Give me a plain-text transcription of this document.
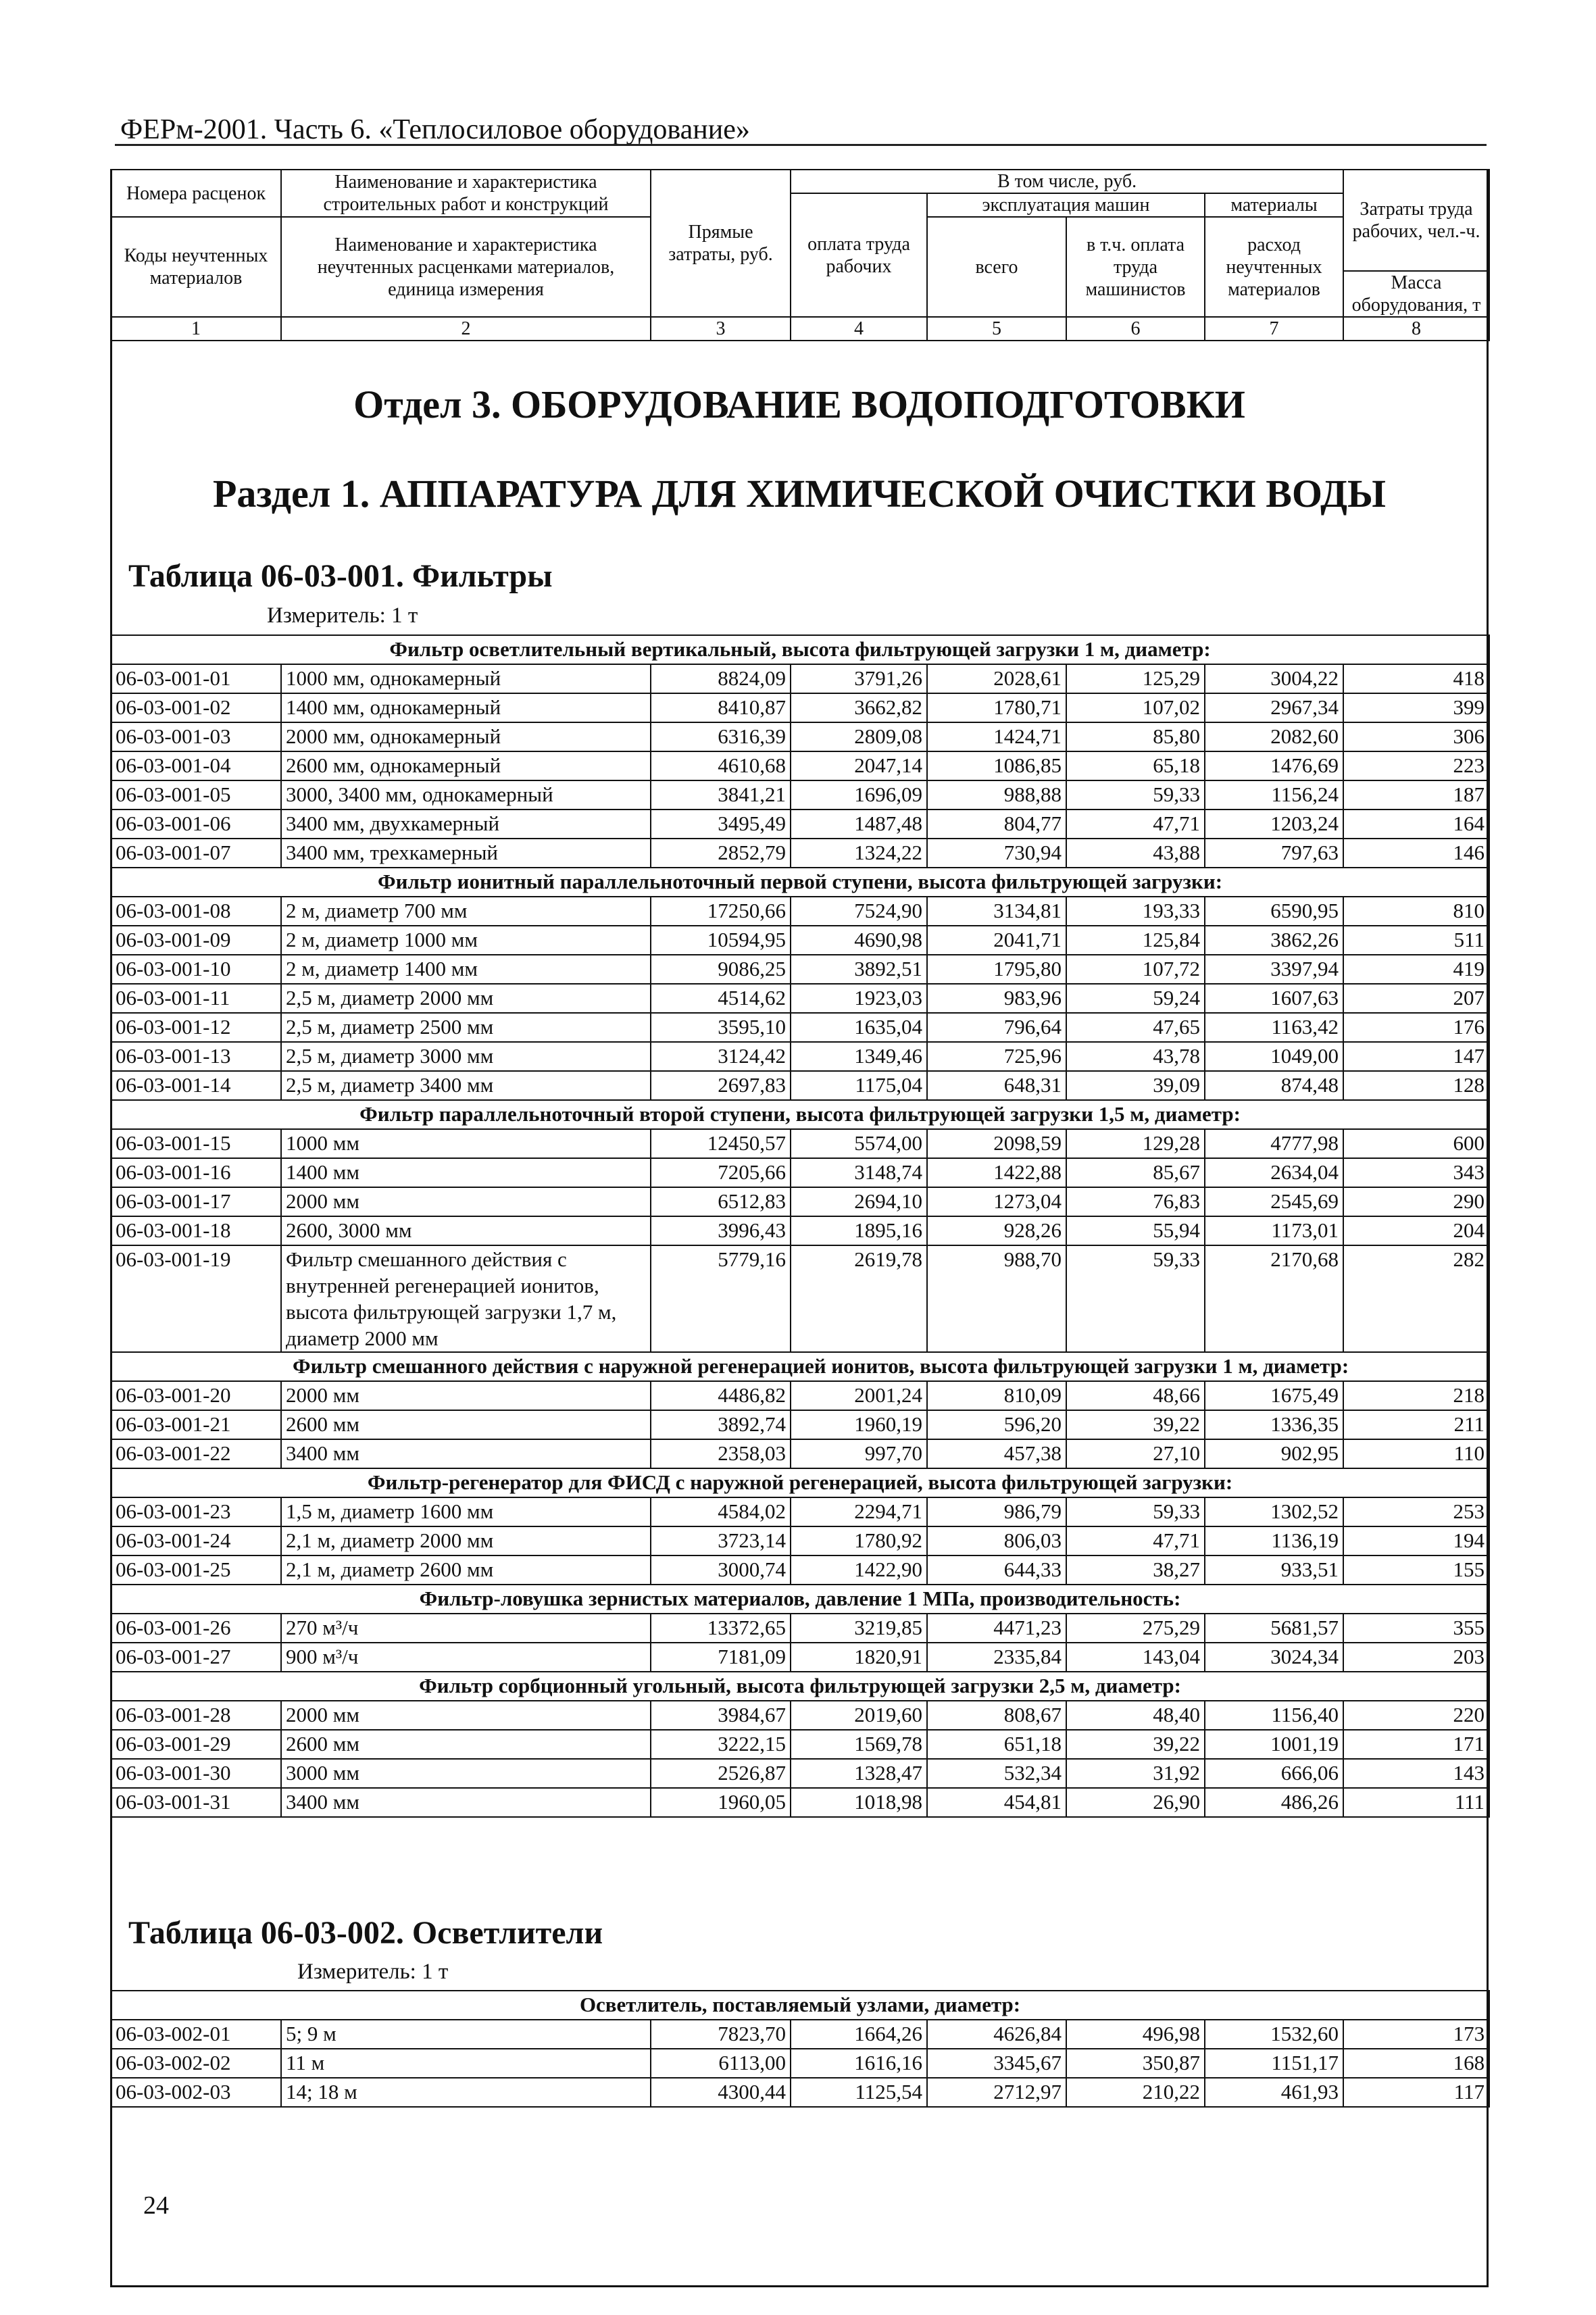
ФЕРм-2001. Часть 6. «Теплосиловое оборудование»
Номера расценок	Наименование и характеристика строительных работ и конструкций	Прямые затраты, руб.	В том числе, руб.				Затраты труда рабочих, чел.-ч.
			оплата труда рабочих	эксплуатация машин		материалы	
Коды неучтенных материалов	Наименование и характеристика неучтенных расценками материалов, единица измерения			всего	в т.ч. оплата труда машинистов	расход неучтенных материалов	

							Масса оборудования, т
1	2	3	4	5	6	7	8
Отдел 3. ОБОРУДОВАНИЕ ВОДОПОДГОТОВКИ
Раздел 1. АППАРАТУРА ДЛЯ ХИМИЧЕСКОЙ ОЧИСТКИ ВОДЫ
Таблица 06-03-001. Фильтры
Измеритель: 1 т
Фильтр осветлительный вертикальный, высота фильтрующей загрузки 1 м, диаметр:							
06-03-001-01	1000 мм, однокамерный	8824,09	3791,26	2028,61	125,29	3004,22	418
06-03-001-02	1400 мм, однокамерный	8410,87	3662,82	1780,71	107,02	2967,34	399
06-03-001-03	2000 мм, однокамерный	6316,39	2809,08	1424,71	85,80	2082,60	306
06-03-001-04	2600 мм, однокамерный	4610,68	2047,14	1086,85	65,18	1476,69	223
06-03-001-05	3000, 3400 мм, однокамерный	3841,21	1696,09	988,88	59,33	1156,24	187
06-03-001-06	3400 мм, двухкамерный	3495,49	1487,48	804,77	47,71	1203,24	164
06-03-001-07	3400 мм, трехкамерный	2852,79	1324,22	730,94	43,88	797,63	146
Фильтр ионитный параллельноточный первой ступени, высота фильтрующей загрузки:							
06-03-001-08	2 м, диаметр 700 мм	17250,66	7524,90	3134,81	193,33	6590,95	810
06-03-001-09	2 м, диаметр 1000 мм	10594,95	4690,98	2041,71	125,84	3862,26	511
06-03-001-10	2 м, диаметр 1400 мм	9086,25	3892,51	1795,80	107,72	3397,94	419
06-03-001-11	2,5 м, диаметр 2000 мм	4514,62	1923,03	983,96	59,24	1607,63	207
06-03-001-12	2,5 м, диаметр 2500 мм	3595,10	1635,04	796,64	47,65	1163,42	176
06-03-001-13	2,5 м, диаметр 3000 мм	3124,42	1349,46	725,96	43,78	1049,00	147
06-03-001-14	2,5 м, диаметр 3400 мм	2697,83	1175,04	648,31	39,09	874,48	128
Фильтр параллельноточный второй ступени, высота фильтрующей загрузки 1,5 м, диаметр:							
06-03-001-15	1000 мм	12450,57	5574,00	2098,59	129,28	4777,98	600
06-03-001-16	1400 мм	7205,66	3148,74	1422,88	85,67	2634,04	343
06-03-001-17	2000 мм	6512,83	2694,10	1273,04	76,83	2545,69	290
06-03-001-18	2600, 3000 мм	3996,43	1895,16	928,26	55,94	1173,01	204
06-03-001-19	Фильтр смешанного действия с внутренней регенерацией ионитов, высота фильтрующей загрузки 1,7 м, диаметр 2000 мм	5779,16	2619,78	988,70	59,33	2170,68	282
Фильтр смешанного действия с наружной регенерацией ионитов, высота фильтрующей загрузки 1 м, диаметр:							
06-03-001-20	2000 мм	4486,82	2001,24	810,09	48,66	1675,49	218
06-03-001-21	2600 мм	3892,74	1960,19	596,20	39,22	1336,35	211
06-03-001-22	3400 мм	2358,03	997,70	457,38	27,10	902,95	110
Фильтр-регенератор для ФИСД с наружной регенерацией, высота фильтрующей загрузки:							
06-03-001-23	1,5 м, диаметр 1600 мм	4584,02	2294,71	986,79	59,33	1302,52	253
06-03-001-24	2,1 м, диаметр 2000 мм	3723,14	1780,92	806,03	47,71	1136,19	194
06-03-001-25	2,1 м, диаметр 2600 мм	3000,74	1422,90	644,33	38,27	933,51	155
Фильтр-ловушка зернистых материалов, давление 1 МПа, производительность:							
06-03-001-26	270 м³/ч	13372,65	3219,85	4471,23	275,29	5681,57	355
06-03-001-27	900 м³/ч	7181,09	1820,91	2335,84	143,04	3024,34	203
Фильтр сорбционный угольный, высота фильтрующей загрузки 2,5 м, диаметр:							
06-03-001-28	2000 мм	3984,67	2019,60	808,67	48,40	1156,40	220
06-03-001-29	2600 мм	3222,15	1569,78	651,18	39,22	1001,19	171
06-03-001-30	3000 мм	2526,87	1328,47	532,34	31,92	666,06	143
06-03-001-31	3400 мм	1960,05	1018,98	454,81	26,90	486,26	111
Таблица 06-03-002. Осветлители
Измеритель: 1 т
Осветлитель, поставляемый узлами, диаметр:							
06-03-002-01	5; 9 м	7823,70	1664,26	4626,84	496,98	1532,60	173
06-03-002-02	11 м	6113,00	1616,16	3345,67	350,87	1151,17	168
06-03-002-03	14; 18 м	4300,44	1125,54	2712,97	210,22	461,93	117
24
